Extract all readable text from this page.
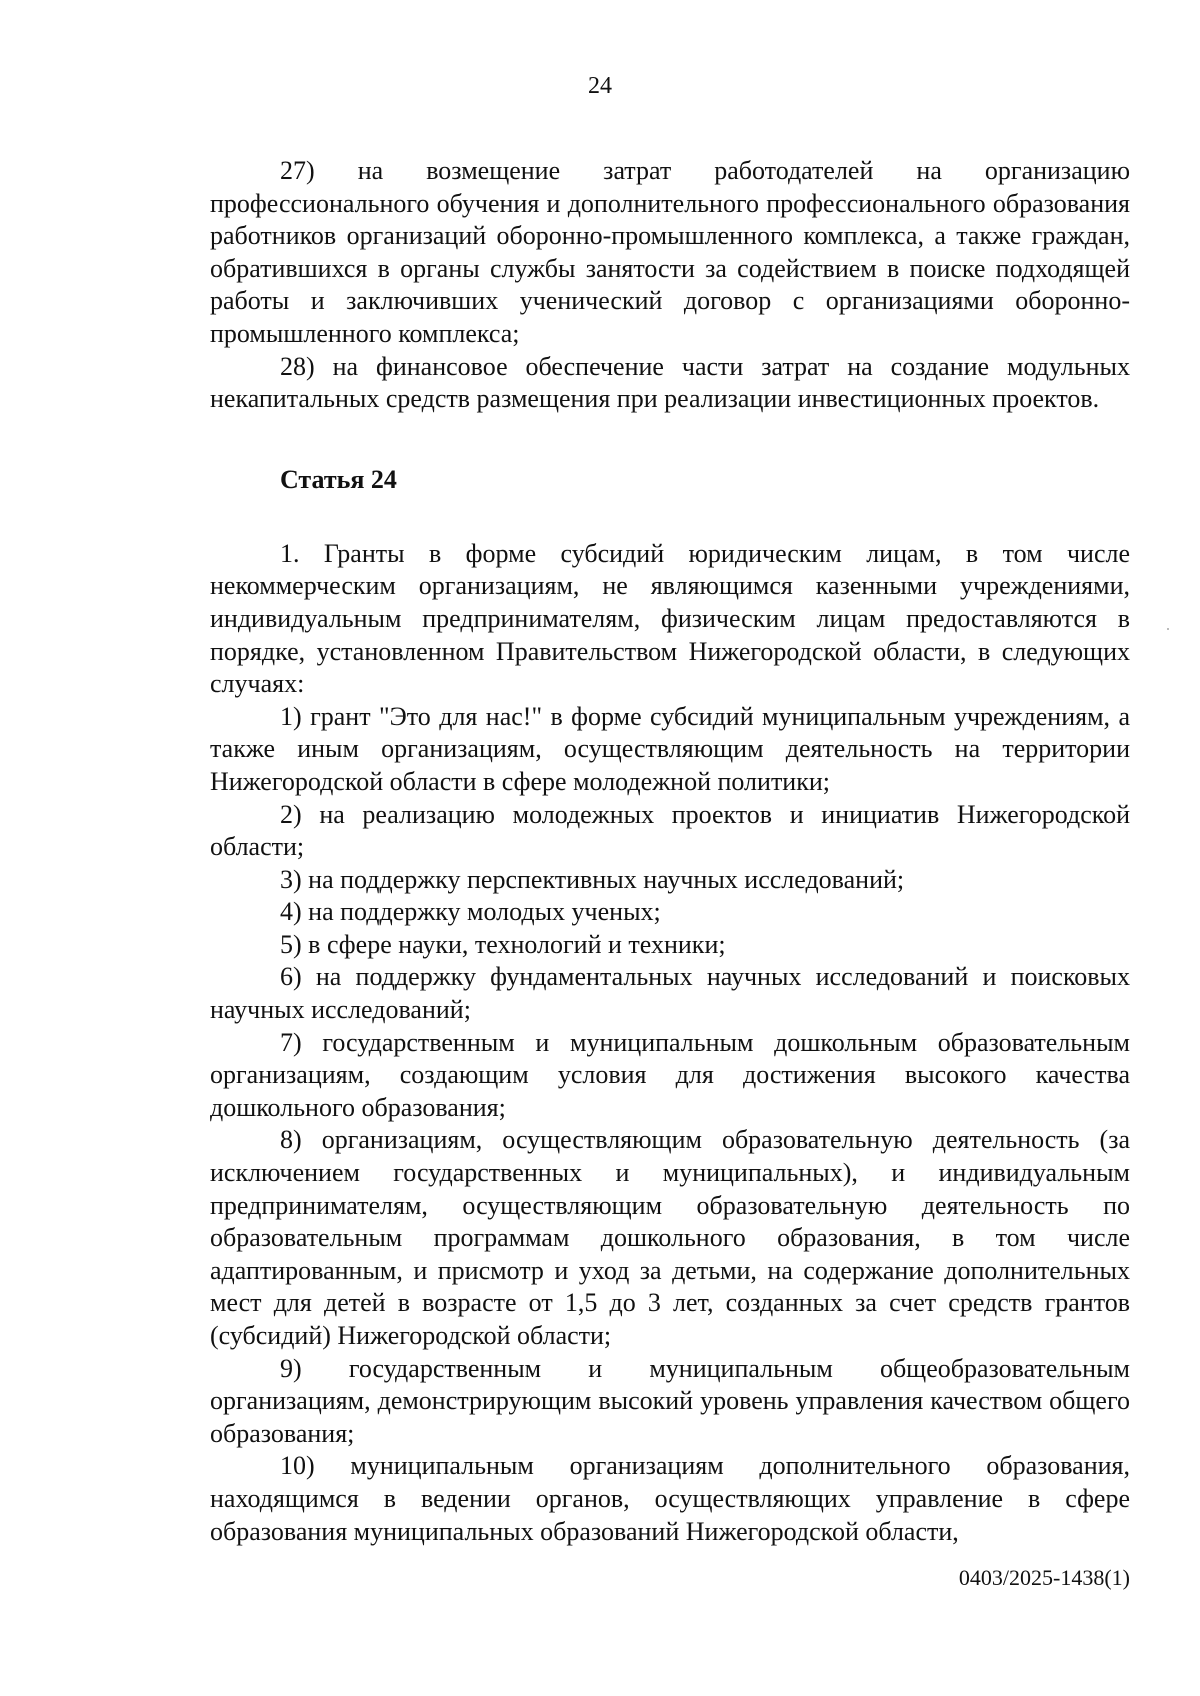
24

27) на возмещение затрат работодателей на организацию профессионального обучения и дополнительного профессионального образования работников организаций оборонно-промышленного комплекса, а также граждан, обратившихся в органы службы занятости за содействием в поиске подходящей работы и заключивших ученический договор с организациями оборонно-промышленного комплекса;

28) на финансовое обеспечение части затрат на создание модульных некапитальных средств размещения при реализации инвестиционных проектов.

Статья 24

1. Гранты в форме субсидий юридическим лицам, в том числе некоммерческим организациям, не являющимся казенными учреждениями, индивидуальным предпринимателям, физическим лицам предоставляются в порядке, установленном Правительством Нижегородской области, в следующих случаях:

1) грант "Это для нас!" в форме субсидий муниципальным учреждениям, а также иным организациям, осуществляющим деятельность на территории Нижегородской области в сфере молодежной политики;

2) на реализацию молодежных проектов и инициатив Нижегородской области;

3) на поддержку перспективных научных исследований;

4) на поддержку молодых ученых;

5) в сфере науки, технологий и техники;

6) на поддержку фундаментальных научных исследований и поисковых научных исследований;

7) государственным и муниципальным дошкольным образовательным организациям, создающим условия для достижения высокого качества дошкольного образования;

8) организациям, осуществляющим образовательную деятельность (за исключением государственных и муниципальных), и индивидуальным предпринимателям, осуществляющим образовательную деятельность по образовательным программам дошкольного образования, в том числе адаптированным, и присмотр и уход за детьми, на содержание дополнительных мест для детей в возрасте от 1,5 до 3 лет, созданных за счет средств грантов (субсидий) Нижегородской области;

9) государственным и муниципальным общеобразовательным организациям, демонстрирующим высокий уровень управления качеством общего образования;

10) муниципальным организациям дополнительного образования, находящимся в ведении органов, осуществляющих управление в сфере образования муниципальных образований Нижегородской области,

0403/2025-1438(1)
